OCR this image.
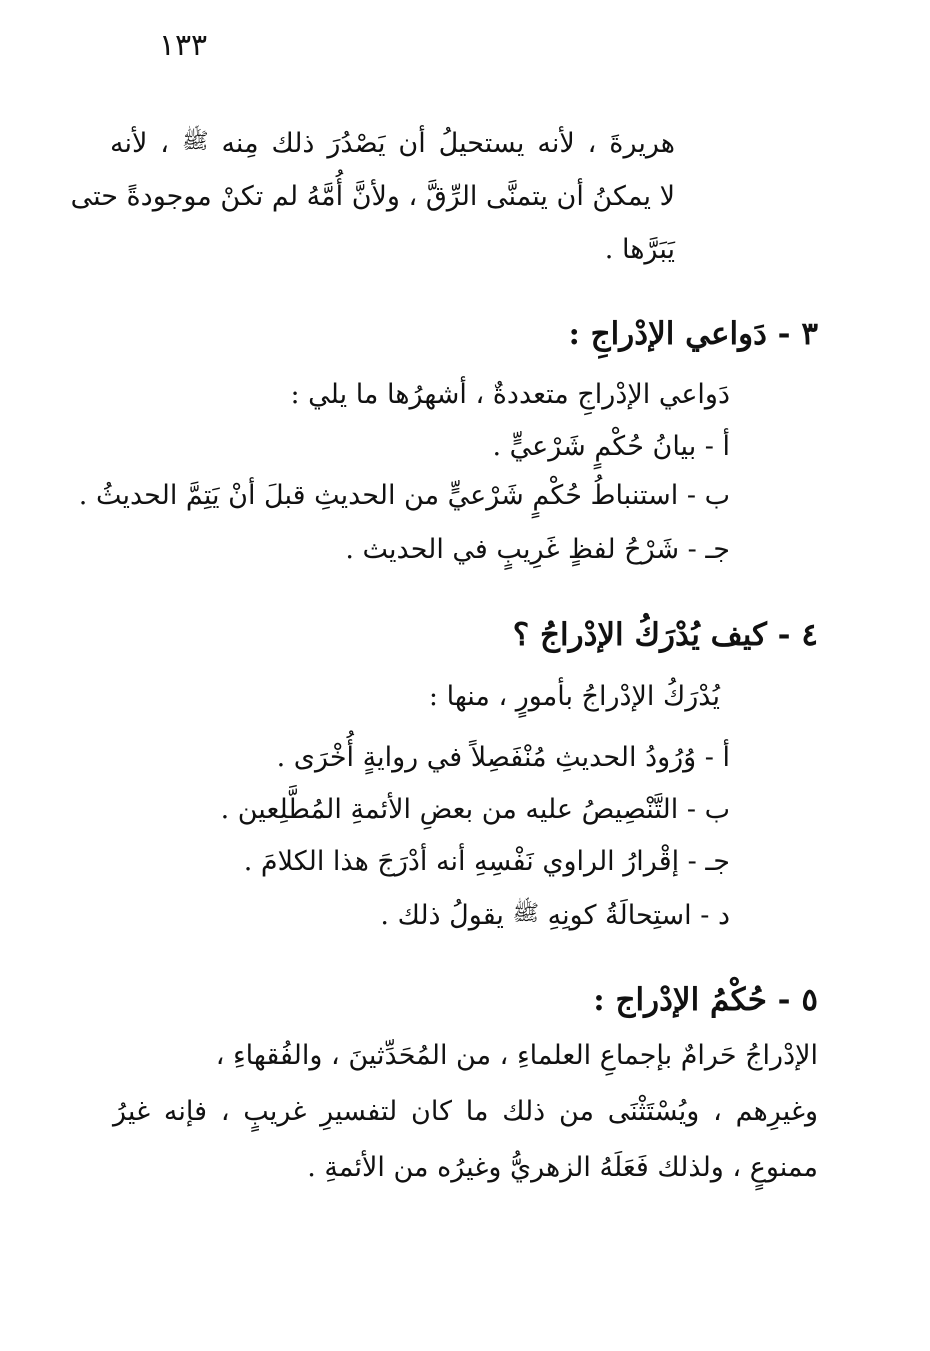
١٣٣
هريرةَ ، لأنه يستحيلُ أن يَصْدُرَ ذلك مِنه ﷺ ، لأنه
لا يمكنُ أن يتمنَّى الرِّقَّ ، ولأنَّ أُمَّهُ لم تكنْ موجودةً حتى
يَبَرَّها .
٣ - دَواعي الإدْراجِ :
دَواعي الإدْراجِ متعددةٌ ، أشهرُها ما يلي :
أ - بيانُ حُكْمٍ شَرْعيٍّ .
ب - استنباطُ حُكْمٍ شَرْعيٍّ من الحديثِ قبلَ أنْ يَتِمَّ الحديثُ .
جـ - شَرْحُ لفظٍ غَرِيبٍ في الحديث .
٤ - كيف يُدْرَكُ الإدْراجُ ؟
يُدْرَكُ الإدْراجُ بأمورٍ ، منها :
أ - وُرُودُ الحديثِ مُنْفَصِلاً في روايةٍ أُخْرَى .
ب - التَّنْصِيصُ عليه من بعضِ الأئمةِ المُطَّلِعين .
جـ - إقْرارُ الراوي نَفْسِهِ أنه أدْرَجَ هذا الكلامَ .
د - استِحالَةُ كونِهِ ﷺ يقولُ ذلك .
٥ - حُكْمُ الإدْراج :
الإدْراجُ حَرامٌ بإجماعِ العلماءِ ، من المُحَدِّثينَ ، والفُقهاءِ ،
وغيرِهم ، ويُسْتَثْنَى من ذلك ما كان لتفسيرِ غريبٍ ، فإنه غيرُ
ممنوعٍ ، ولذلك فَعَلَهُ الزهريُّ وغيرُه من الأئمةِ .
